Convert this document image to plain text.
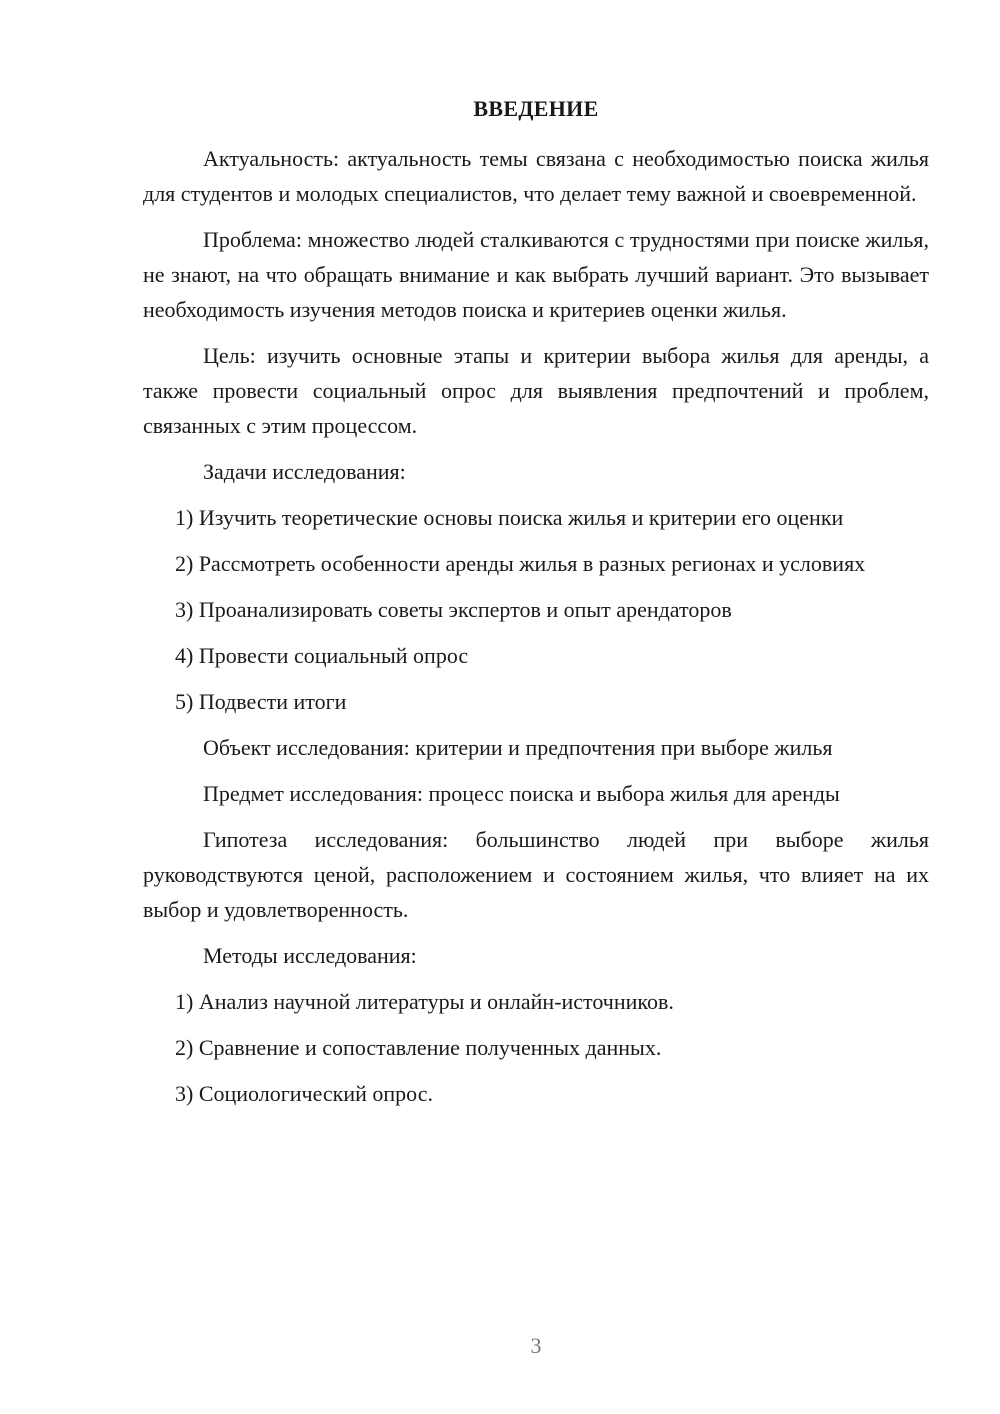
ВВЕДЕНИЕ

Актуальность: актуальность темы связана с необходимостью поиска жилья для студентов и молодых специалистов, что делает тему важной и своевременной.

Проблема: множество людей сталкиваются с трудностями при поиске жилья, не знают, на что обращать внимание и как выбрать лучший вариант. Это вызывает необходимость изучения методов поиска и критериев оценки жилья.

Цель: изучить основные этапы и критерии выбора жилья для аренды, а также провести социальный опрос для выявления предпочтений и проблем, связанных с этим процессом.

Задачи исследования:

1) Изучить теоретические основы поиска жилья и критерии его оценки

2) Рассмотреть особенности аренды жилья в разных регионах и условиях

3) Проанализировать советы экспертов и опыт арендаторов

4) Провести социальный опрос

5) Подвести итоги

Объект исследования: критерии и предпочтения при выборе жилья

Предмет исследования: процесс поиска и выбора жилья для аренды

Гипотеза исследования: большинство людей при выборе жилья руководствуются ценой, расположением и состоянием жилья, что влияет на их выбор и удовлетворенность.

Методы исследования:

1) Анализ научной литературы и онлайн-источников.

2) Сравнение и сопоставление полученных данных.

3) Социологический опрос.

3
